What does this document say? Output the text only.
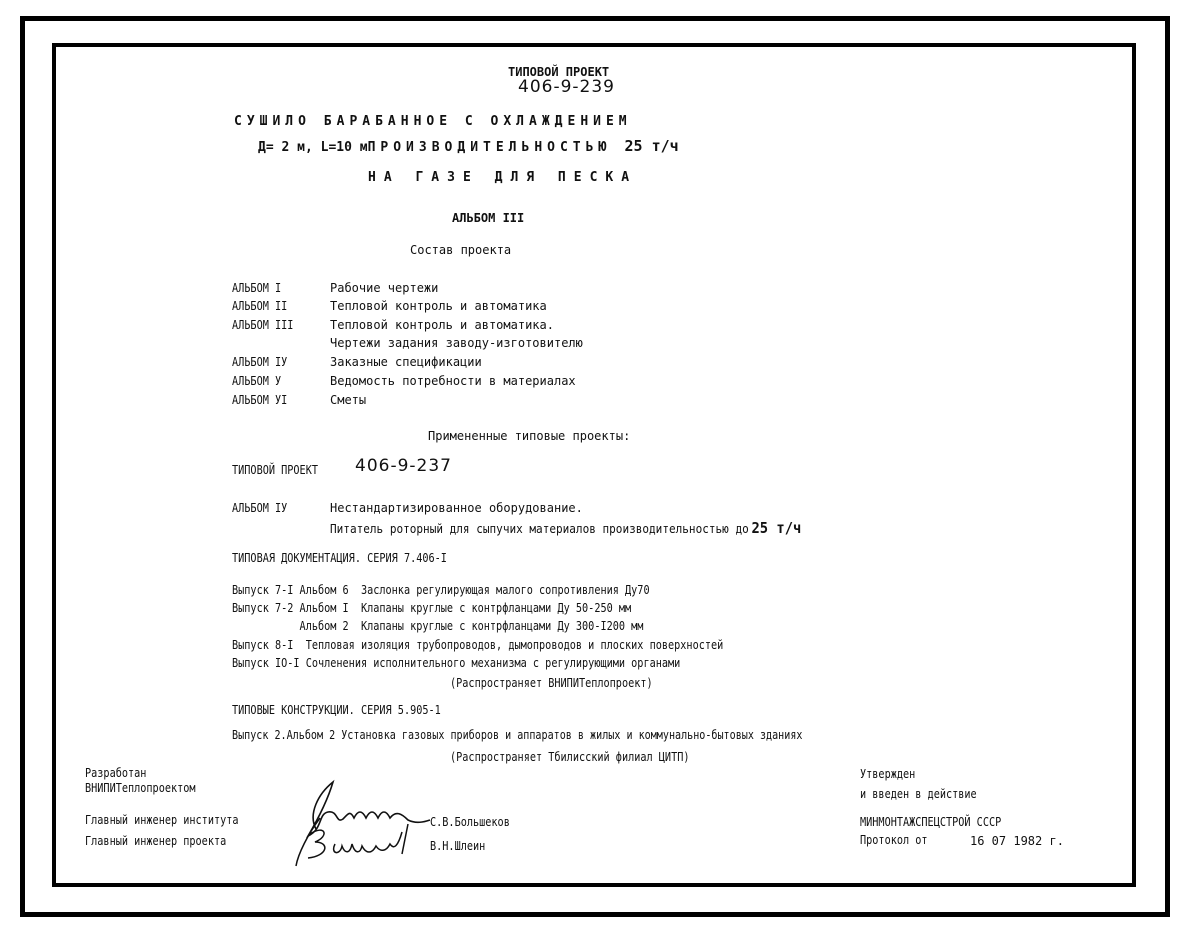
ТИПОВОЙ ПРОЕКТ
406-9-239
СУШИЛО БАРАБАННОЕ С ОХЛАЖДЕНИЕМ
Д= 2 м, L=10 мПРОИЗВОДИТЕЛЬНОСТЬЮ 25 т/ч
НА ГАЗЕ ДЛЯ ПЕСКА
АЛЬБОМ III
Состав проекта
АЛЬБОМ I	Рабочие чертежи
АЛЬБОМ II	Тепловой контроль и автоматика
АЛЬБОМ III	Тепловой контроль и автоматика.
Чертежи задания заводу-изготовителю
АЛЬБОМ IУ	Заказные спецификации
АЛЬБОМ У	Ведомость потребности в материалах
АЛЬБОМ УI	Сметы
Примененные типовые проекты:
ТИПОВОЙ ПРОЕКТ 406-9-237
АЛЬБОМ IУ	Нестандартизированное оборудование.
Питатель роторный для сыпучих материалов производительностью до 25 т/ч
ТИПОВАЯ ДОКУМЕНТАЦИЯ. СЕРИЯ 7.406-I
Выпуск 7-I Альбом 6  Заслонка регулирующая малого сопротивления Ду70
Выпуск 7-2 Альбом I  Клапаны круглые с контрфланцами Ду 50-250 мм
Альбом 2  Клапаны круглые с контрфланцами Ду 300-I200 мм
Выпуск 8-I  Тепловая изоляция трубопроводов, дымопроводов и плоских поверхностей
Выпуск IO-I Сочленения исполнительного механизма с регулирующими органами
(Распространяет ВНИПИТеплопроект)
ТИПОВЫЕ КОНСТРУКЦИИ. СЕРИЯ 5.905-1
Выпуск 2.Альбом 2 Установка газовых приборов и аппаратов в жилых и коммунально-бытовых зданиях
(Распространяет Тбилисский филиал ЦИТП)
Разработан
ВНИПИТеплопроектом
Главный инженер института
Главный инженер проекта
С.В.Большеков
В.Н.Шлеин
Утвержден
и введен в действие
МИНМОНТАЖСПЕЦСТРОЙ СССР
Протокол от	16 07 1982 г.
